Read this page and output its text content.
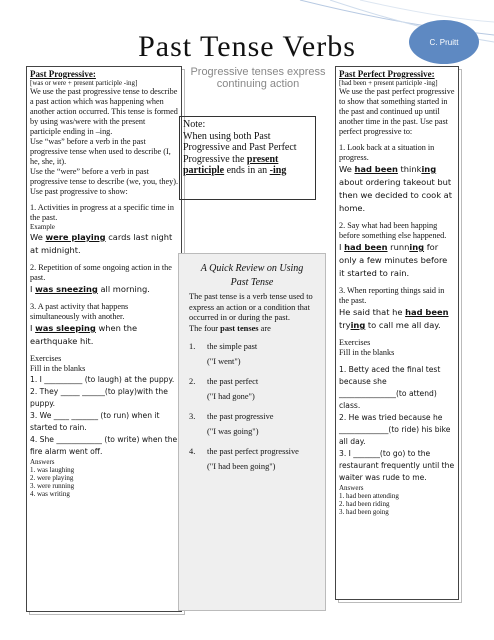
C. Pruitt
Past Tense Verbs
Past Progressive:
[was or were + present participle -ing]
We use the past progressive tense to describe a past action which was happening when another action occurred. This tense is formed by using was/were with the present participle ending in –ing.
Use “was” before a verb in the past progressive tense when used to describe (I, he, she, it).
Use the “were” before a verb in past progressive tense to describe (we, you, they).
Use past progressive to show:
1. Activities in progress at a specific time in the past.
Example
We were playing cards last night at midnight.
2. Repetition of some ongoing action in the past.
I was sneezing all morning.
3. A past activity that happens simultaneously with another.
I was sleeping when the earthquake hit.
Exercises
Fill in the blanks
1. I __________ (to laugh) at the puppy.
2. They _____ ______(to play)with the puppy.
3. We ____ _______ (to run) when it started to rain.
4. She ____________ (to write) when the fire alarm went off.
Answers
1. was laughing
2. were playing
3. were running
4. was writing
Progressive tenses express continuing action
Note:
When using both Past Progressive and Past Perfect Progressive the present participle ends in an -ing
A Quick Review on Using
Past Tense
The past tense is a verb tense used to express an action or a condition that occurred in or during the past.
The four past tenses are
1.	the simple past
("I went")
2.	the past perfect
("I had gone")
3.	the past progressive
("I was going")
4.	the past perfect progressive
("I had been going")
Past Perfect Progressive:
[had been + present participle -ing]
We use the past perfect progressive to show that something started in the past and continued up until another time in the past. Use past perfect progressive to:
1. Look back at a situation in progress.
We had been thinking about ordering takeout but then we decided to cook at home.
2. Say what had been happing before something else happened.
I had been running for only a few minutes before it started to rain.
3. When reporting things said in the past.
He said that he had been trying to call me all day.
Exercises
Fill in the blanks
1. Betty aced the final test because she _______________(to attend) class.
2. He was tried because he _____________(to ride) his bike all day.
3. I _______(to go) to the restaurant frequently until the waiter was rude to me.
Answers
1. had been attending
2. had been riding
3. had been going
